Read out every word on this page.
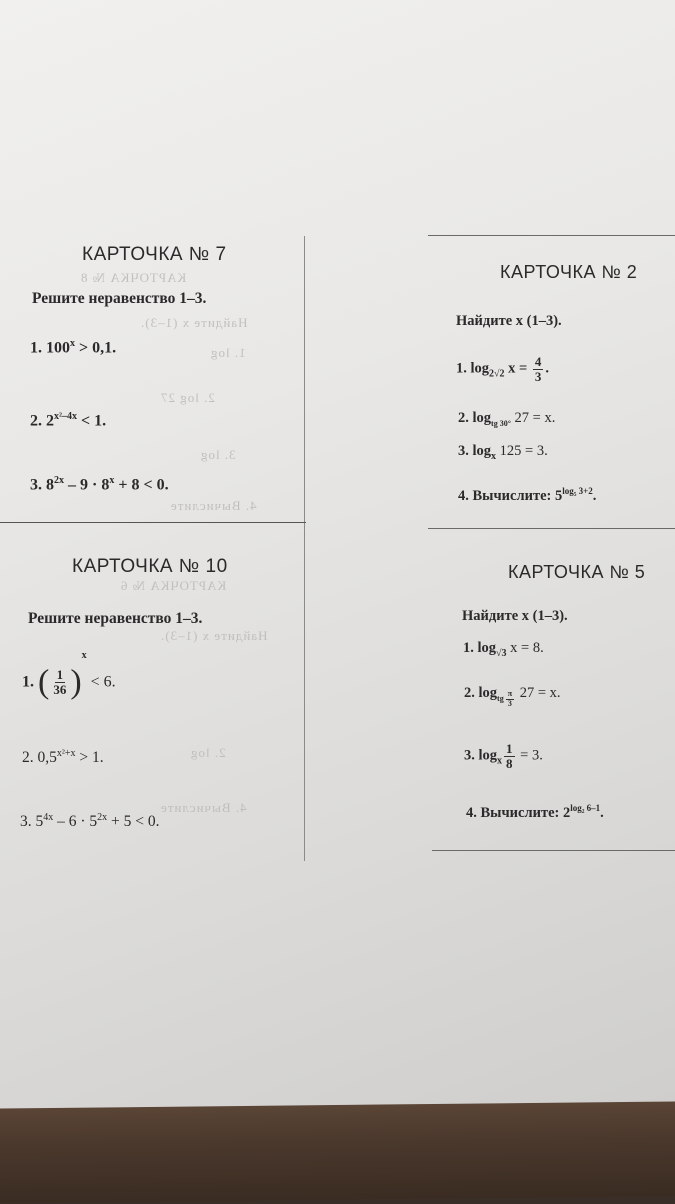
КАРТОЧКА № 8
Найдите x (1–3).
1. log
2. log 27
3. log
4. Вычислите
КАРТОЧКА № 6
Найдите x (1–3).
2. log
4. Вычислите
КАРТОЧКА № 7
Решите неравенство 1–3.
1. $100^x > 0,1$.
2. $2^{x^2-4x} < 1$.
3. $8^{2x} - 9 \cdot 8^x + 8 < 0$.
КАРТОЧКА № 10
Решите неравенство 1–3.
1. ( $\frac{1}{36} )^x < 6$.
2. $0,5^{x^2+x} > 1$.
3. $5^{4x} - 6 \cdot 5^{2x} + 5 < 0$.
КАРТОЧКА № 2
Найдите x (1–3).
1. $\log_{2√2} x = \frac{4}{3}$ .
2. $\log_{tg 30^\circ} 27 = x$.
3. $\log_x 125 = 3$.
4. Вычислите: $5^{log_5 3+2}$.
КАРТОЧКА № 5
Найдите x (1–3).
1. $\log_{√3} x = 8$.
2. $\log_{tg \frac{\pi}{3}} 27 = x$.
3. $\log_x \frac{1}{8} = 3$.
4. Вычислите: $2^{log_2 6-1}$.
